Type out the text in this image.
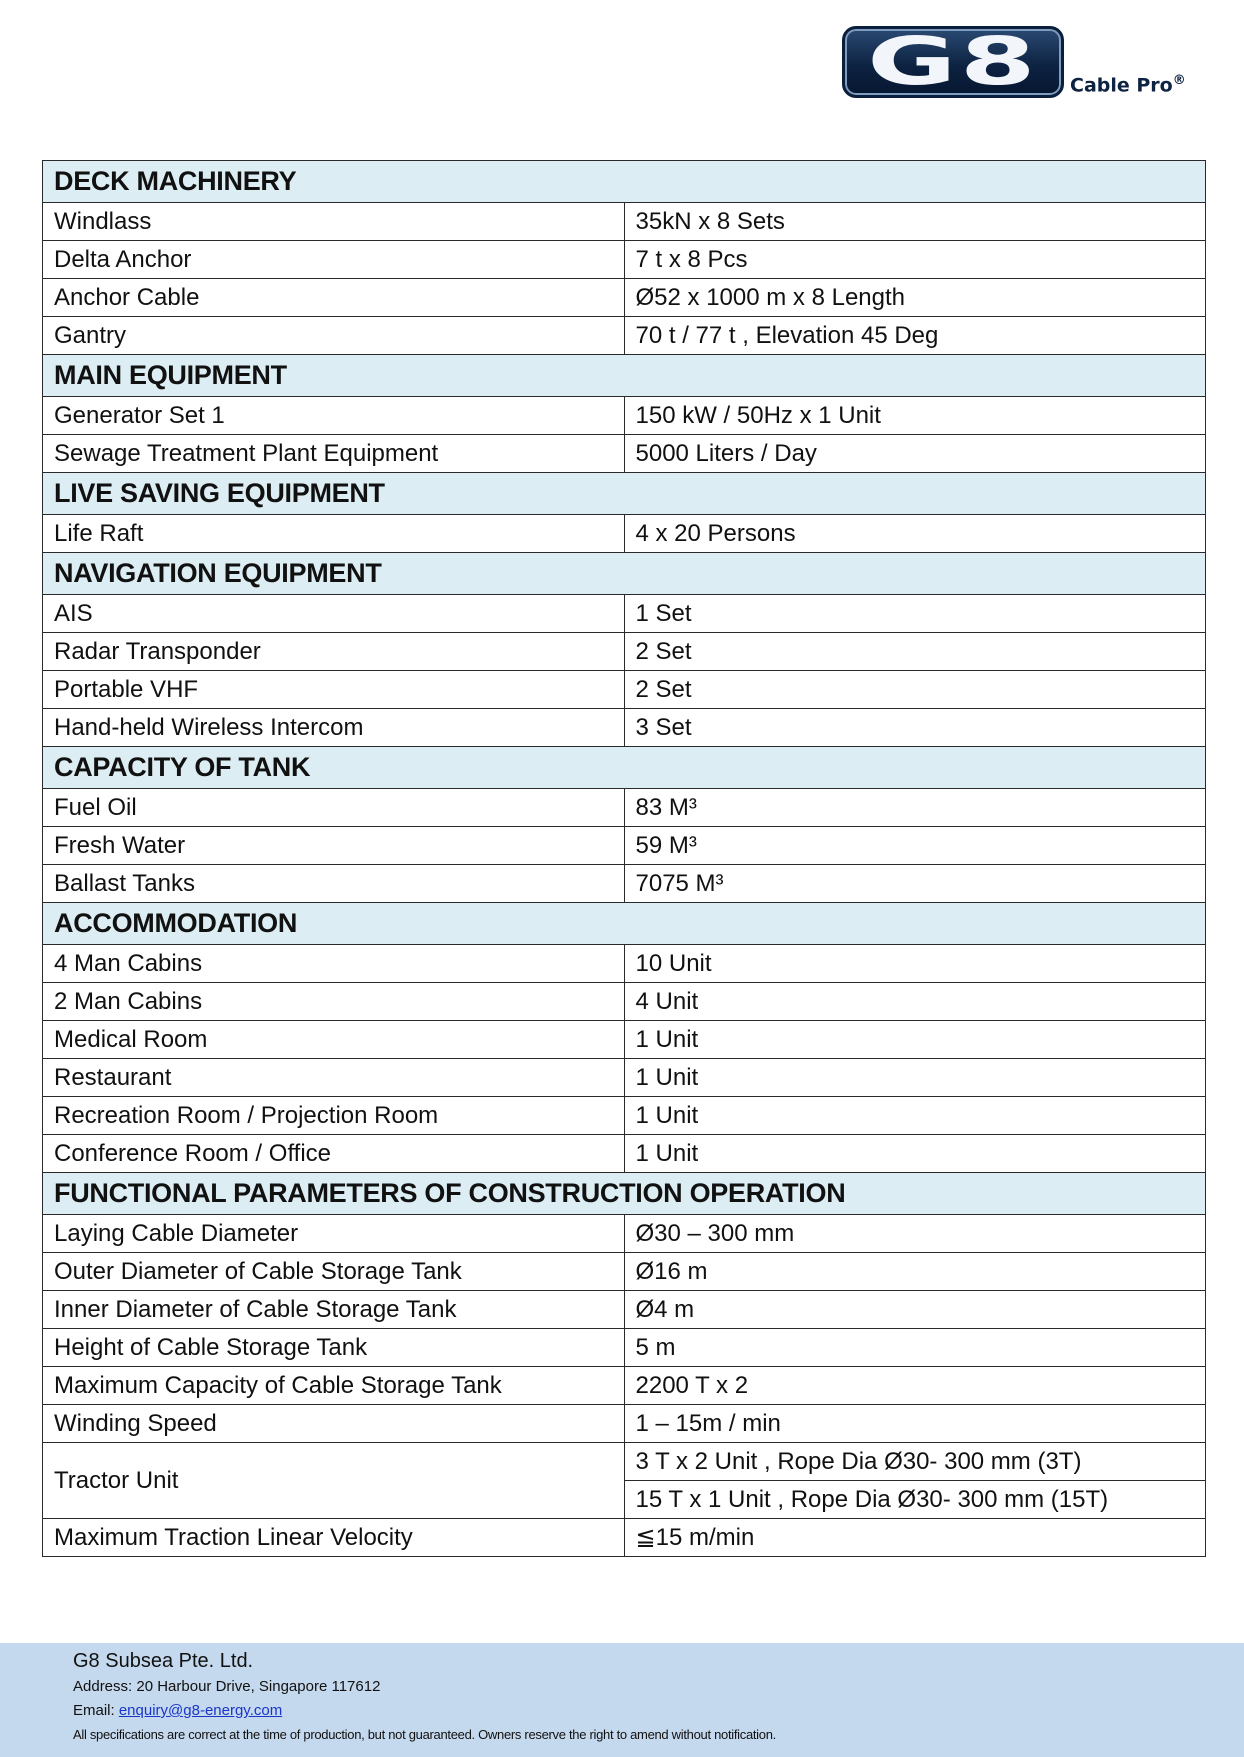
G8 Cable Pro®
DECK MACHINERY	
Windlass	35kN x 8 Sets
Delta Anchor	7 t x 8 Pcs
Anchor Cable	Ø52 x 1000 m x 8 Length
Gantry	70 t / 77 t , Elevation 45 Deg
MAIN EQUIPMENT	
Generator Set 1	150 kW / 50Hz x 1 Unit
Sewage Treatment Plant Equipment	5000 Liters / Day
LIVE SAVING EQUIPMENT	
Life Raft	4 x 20 Persons
NAVIGATION EQUIPMENT	
AIS	1 Set
Radar Transponder	2 Set
Portable VHF	2 Set
Hand-held Wireless Intercom	3 Set
CAPACITY OF TANK	
Fuel Oil	83 M³
Fresh Water	59 M³
Ballast Tanks	7075 M³
ACCOMMODATION	
4 Man Cabins	10 Unit
2 Man Cabins	4 Unit
Medical Room	1 Unit
Restaurant	1 Unit
Recreation Room / Projection Room	1 Unit
Conference Room / Office	1 Unit
FUNCTIONAL PARAMETERS OF CONSTRUCTION OPERATION	
Laying Cable Diameter	Ø30 – 300 mm
Outer Diameter of Cable Storage Tank	Ø16 m
Inner Diameter of Cable Storage Tank	Ø4 m
Height of Cable Storage Tank	5 m
Maximum Capacity of Cable Storage Tank	2200 T x 2
Winding Speed	1 – 15m / min
Tractor Unit	3 T x 2 Unit , Rope Dia Ø30- 300 mm (3T)
	15 T x 1 Unit , Rope Dia Ø30- 300 mm (15T)
Maximum Traction Linear Velocity	≦15 m/min
G8 Subsea Pte. Ltd.
Address: 20 Harbour Drive, Singapore 117612
Email: enquiry@g8-energy.com
All specifications are correct at the time of production, but not guaranteed. Owners reserve the right to amend without notification.
